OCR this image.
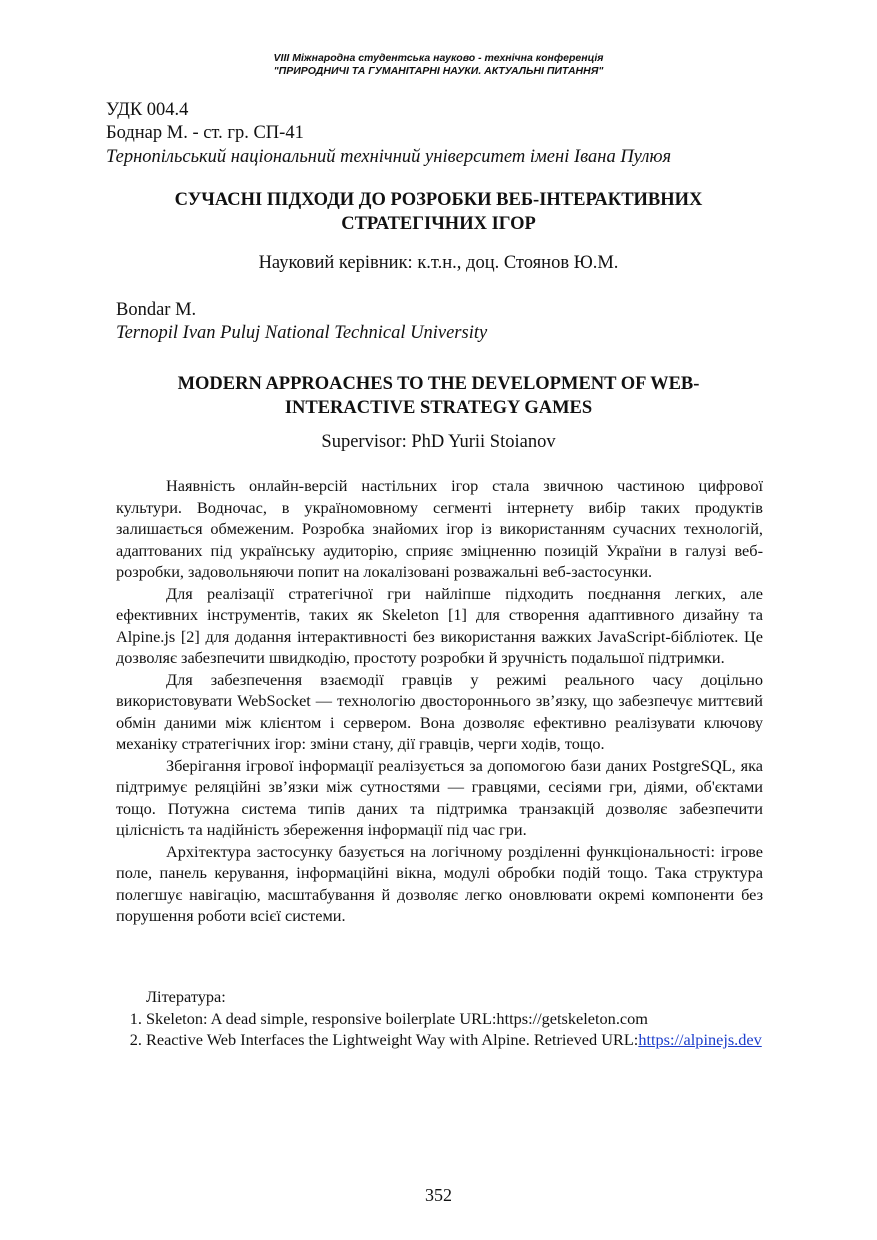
VIII Міжнародна студентська науково - технічна конференція
"ПРИРОДНИЧІ ТА ГУМАНІТАРНІ НАУКИ. АКТУАЛЬНІ ПИТАННЯ"
УДК 004.4
Боднар М. - ст. гр. СП-41
Тернопільський національний технічний університет імені Івана Пулюя
СУЧАСНІ ПІДХОДИ ДО РОЗРОБКИ ВЕБ-ІНТЕРАКТИВНИХ
СТРАТЕГІЧНИХ ІГОР
Науковий керівник: к.т.н., доц. Стоянов Ю.М.
Bondar M.
Ternopil Ivan Puluj National Technical University
MODERN APPROACHES TO THE DEVELOPMENT OF WEB-
INTERACTIVE STRATEGY GAMES
Supervisor: PhD Yurii Stoianov

Наявність онлайн-версій настільних ігор стала звичною частиною цифрової культури. Водночас, в україномовному сегменті інтернету вибір таких продуктів залишається обмеженим. Розробка знайомих ігор із використанням сучасних технологій, адаптованих під українську аудиторію, сприяє зміцненню позицій України в галузі веб- розробки, задовольняючи попит на локалізовані розважальні веб-застосунки.

Для реалізації стратегічної гри найліпше підходить поєднання легких, але ефективних інструментів, таких як Skeleton [1] для створення адаптивного дизайну та Alpine.js [2] для додання інтерактивності без використання важких JavaScript-бібліотек. Це дозволяє забезпечити швидкодію, простоту розробки й зручність подальшої підтримки.

Для забезпечення взаємодії гравців у режимі реального часу доцільно використовувати WebSocket — технологію двостороннього зв’язку, що забезпечує миттєвий обмін даними між клієнтом і сервером. Вона дозволяє ефективно реалізувати ключову механіку стратегічних ігор: зміни стану, дії гравців, черги ходів, тощо.

Зберігання ігрової інформації реалізується за допомогою бази даних PostgreSQL, яка підтримує реляційні зв’язки між сутностями — гравцями, сесіями гри, діями, об'єктами тощо. Потужна система типів даних та підтримка транзакцій дозволяє забезпечити цілісність та надійність збереження інформації під час гри.

Архітектура застосунку базується на логічному розділенні функціональності: ігрове поле, панель керування, інформаційні вікна, модулі обробки подій тощо. Така структура полегшує навігацію, масштабування й дозволяє легко оновлювати окремі компоненти без порушення роботи всієї системи.

Література:
1. Skeleton: A dead simple, responsive boilerplate URL:https://getskeleton.com
2. Reactive Web Interfaces the Lightweight Way with Alpine. Retrieved URL:https://alpinejs.dev
352
